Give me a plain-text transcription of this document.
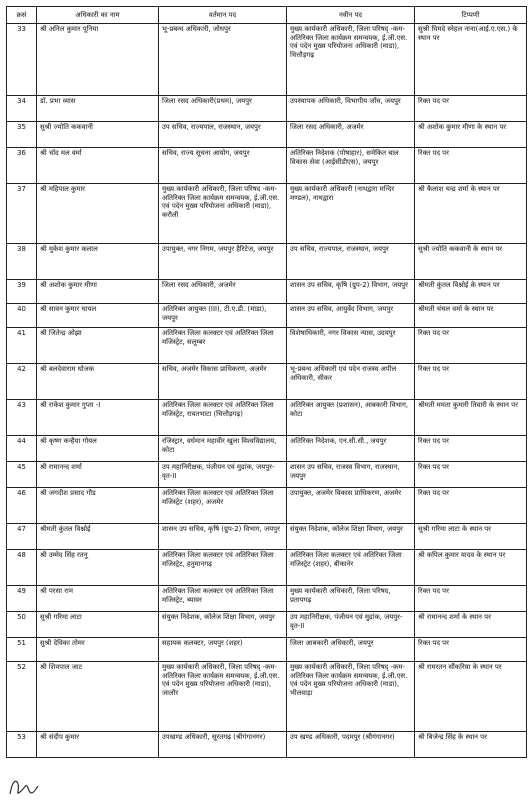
क्रसं	अधिकारी का नाम	वर्तमान पद	नवीन पद	टिप्पणी
33	श्री अनिल कुमार पूनिया	भू-प्रबन्ध अधिकारी, जोधपुर	मुख्य कार्यकारी अधिकारी, जिला परिषद् -कम- अतिरिक्त जिला कार्यक्रम समन्वयक, ई.जी.एस. एवं पदेन मुख्य परियोजना अधिकारी (माडा), चित्तौड़गढ़	सुश्री घिमदे स्नेहल नाना(आई.ए.एस.) के स्थान पर
34	डॉ. प्रभा व्यास	जिला रसद अधिकारी(प्रथम), जयपुर	उपस्थापक अधिकारी, विभागीय जाँच, जयपुर	रिक्त पद पर
35	सुश्री ज्योति ककवानी	उप सचिव, राज्यपाल, राजस्थान, जयपुर	जिला रसद अधिकारी, अजमेर	श्री अशोक कुमार मीणा के स्थान पर
36	श्री चॉद मल वर्मा	सचिव, राज्य सूचना आयोग, जयपुर	अतिरिक्त निदेशक (पोषाहार), समेकित बाल विकास सेवा (आईसीडीएस), जयपुर	रिक्त पद पर
37	श्री महिपाल कुमार	मुख्य कार्यकारी अधिकारी, जिला परिषद -कम- अतिरिक्त जिला कार्यक्रम समन्वयक, ई.जी.एस. एवं पदेन मुख्य परियोजना अधिकारी (माडा), करौली	मुख्य कार्यकारी अधिकारी (नाथद्वारा मन्दिर मण्डल), नाथद्वारा	श्री कैलाश चन्द्र शर्मा के स्थान पर
38	श्री मुकेश कुमार कलाल	उपायुक्त, नगर निगम, जयपुर हैरिटेज, जयपुर	उप सचिव, राज्यपाल, राजस्थान, जयपुर	सुश्री ज्योति ककवानी के स्थान पर
39	श्री अशोक कुमार मीणा	जिला रसद अधिकारी, अजमेर	शासन उप सचिव, कृषि (ग्रुप-2) विभाग, जयपुर	श्रीमती कुंतल विश्नोई के स्थान पर
40	श्री सावन कुमार चायल	अतिरिक्त आयुक्त (III), टी.ए.डी. (माडा), जयपुर	शासन उप सचिव, आयुर्वेद विभाग, जयपुर	श्रीमती चंचल वर्मा के स्थान पर
41	श्री जितेन्द्र ओझा	अतिरिक्त जिला कलक्टर एवं अतिरिक्त जिला मजिस्ट्रेट, सलूम्बर	विशेषाधिकारी, नगर विकास न्यास, उदयपुर	रिक्त पद पर
42	श्री बलदेवाराम धोजक	सचिव, अजमेर विकास प्राधिकरण, अजमेर	भू-प्रबन्ध अधिकारी एवं पदेन राजस्व अपील अधिकारी, सीकर	रिक्त पद पर
43	श्री राकेश कुमार गुप्ता -I	अतिरिक्त जिला कलक्टर एवं अतिरिक्त जिला मजिस्ट्रेट, रावतभाटा (चित्तौड़गढ़)	अतिरिक्त आयुक्त (प्रशासन), आबकारी विभाग, कोटा	श्रीमती ममता कुमारी तिवारी के स्थान पर
44	श्री कृष्ण कन्हैया गोयल	रजिस्ट्रार, वर्धमान महावीर खुला विश्वविद्यालय, कोटा	अतिरिक्त निदेशक, एन.सी.सी., जयपुर	रिक्त पद पर
45	श्री रामानन्द शर्मा	उप महानिरीक्षक, पंजीयन एवं मुद्रांक, जयपुर-वृत-II	शासन उप सचिव, राजस्व विभाग, राजस्थान, जयपुर	रिक्त पद पर
46	श्री जगदीश प्रसाद गौड	अतिरिक्त जिला कलक्टर एवं अतिरिक्त जिला मजिस्ट्रेट (शहर), अजमेर	उपायुक्त, अजमेर विकास प्राधिकरण, अजमेर	रिक्त पद पर
47	श्रीमती कुंतल विश्नोई	शासन उप सचिव, कृषि (ग्रुप-2) विभाग, जयपुर	संयुक्त निदेशक, कॉलेज शिक्षा विभाग, जयपुर	सुश्री गरिमा लाटा के स्थान पर
48	श्री उम्मेद सिंह रतनू	अतिरिक्त जिला कलक्टर एवं अतिरिक्त जिला मजिस्ट्रेट, हनुमानगढ़	अतिरिक्त जिला कलक्टर एवं अतिरिक्त जिला मजिस्ट्रेट (शहर), बीकानेर	श्री कपिल कुमार यादव के स्थान पर
49	श्री परसा राम	अतिरिक्त जिला कलक्टर एवं अतिरिक्त जिला मजिस्ट्रेट, ब्यावर	मुख्य कार्यकारी अधिकारी, जिला परिषद, प्रतापगढ़	रिक्त पद पर
50	सुश्री गरिमा लाटा	संयुक्त निदेशक, कॉलेज शिक्षा विभाग, जयपुर	उप महानिरीक्षक, पंजीयन एवं मुद्रांक, जयपुर-वृत-II	श्री रामानन्द शर्मा के स्थान पर
51	सुश्री देविका तोमर	सहायक कलक्टर, जयपुर (शहर)	जिला आबकारी अधिकारी, जयपुर	रिक्त पद पर
52	श्री शिवपाल जाट	मुख्य कार्यकारी अधिकारी, जिला परिषद् -कम- अतिरिक्त जिला कार्यक्रम समन्वयक, ई.जी.एस. एवं पदेन मुख्य परियोजना अधिकारी (माडा), जालौर	मुख्य कार्यकारी अधिकारी, जिला परिषद् -कम- अतिरिक्त जिला कार्यक्रम समन्वयक, ई.जी.एस. एवं पदेन मुख्य परियोजना अधिकारी (माडा), भीलवाड़ा	श्री रामरतन सौंकरिया के स्थान पर
53	श्री संदीप कुमार	उपखण्ड अधिकारी, सूरतगढ़ (श्रीगंगानगर)	उप खण्ड अधिकारी, पदमपुर (श्रीगंगानगर)	श्री बिजेन्द्र सिंह के स्थान पर
